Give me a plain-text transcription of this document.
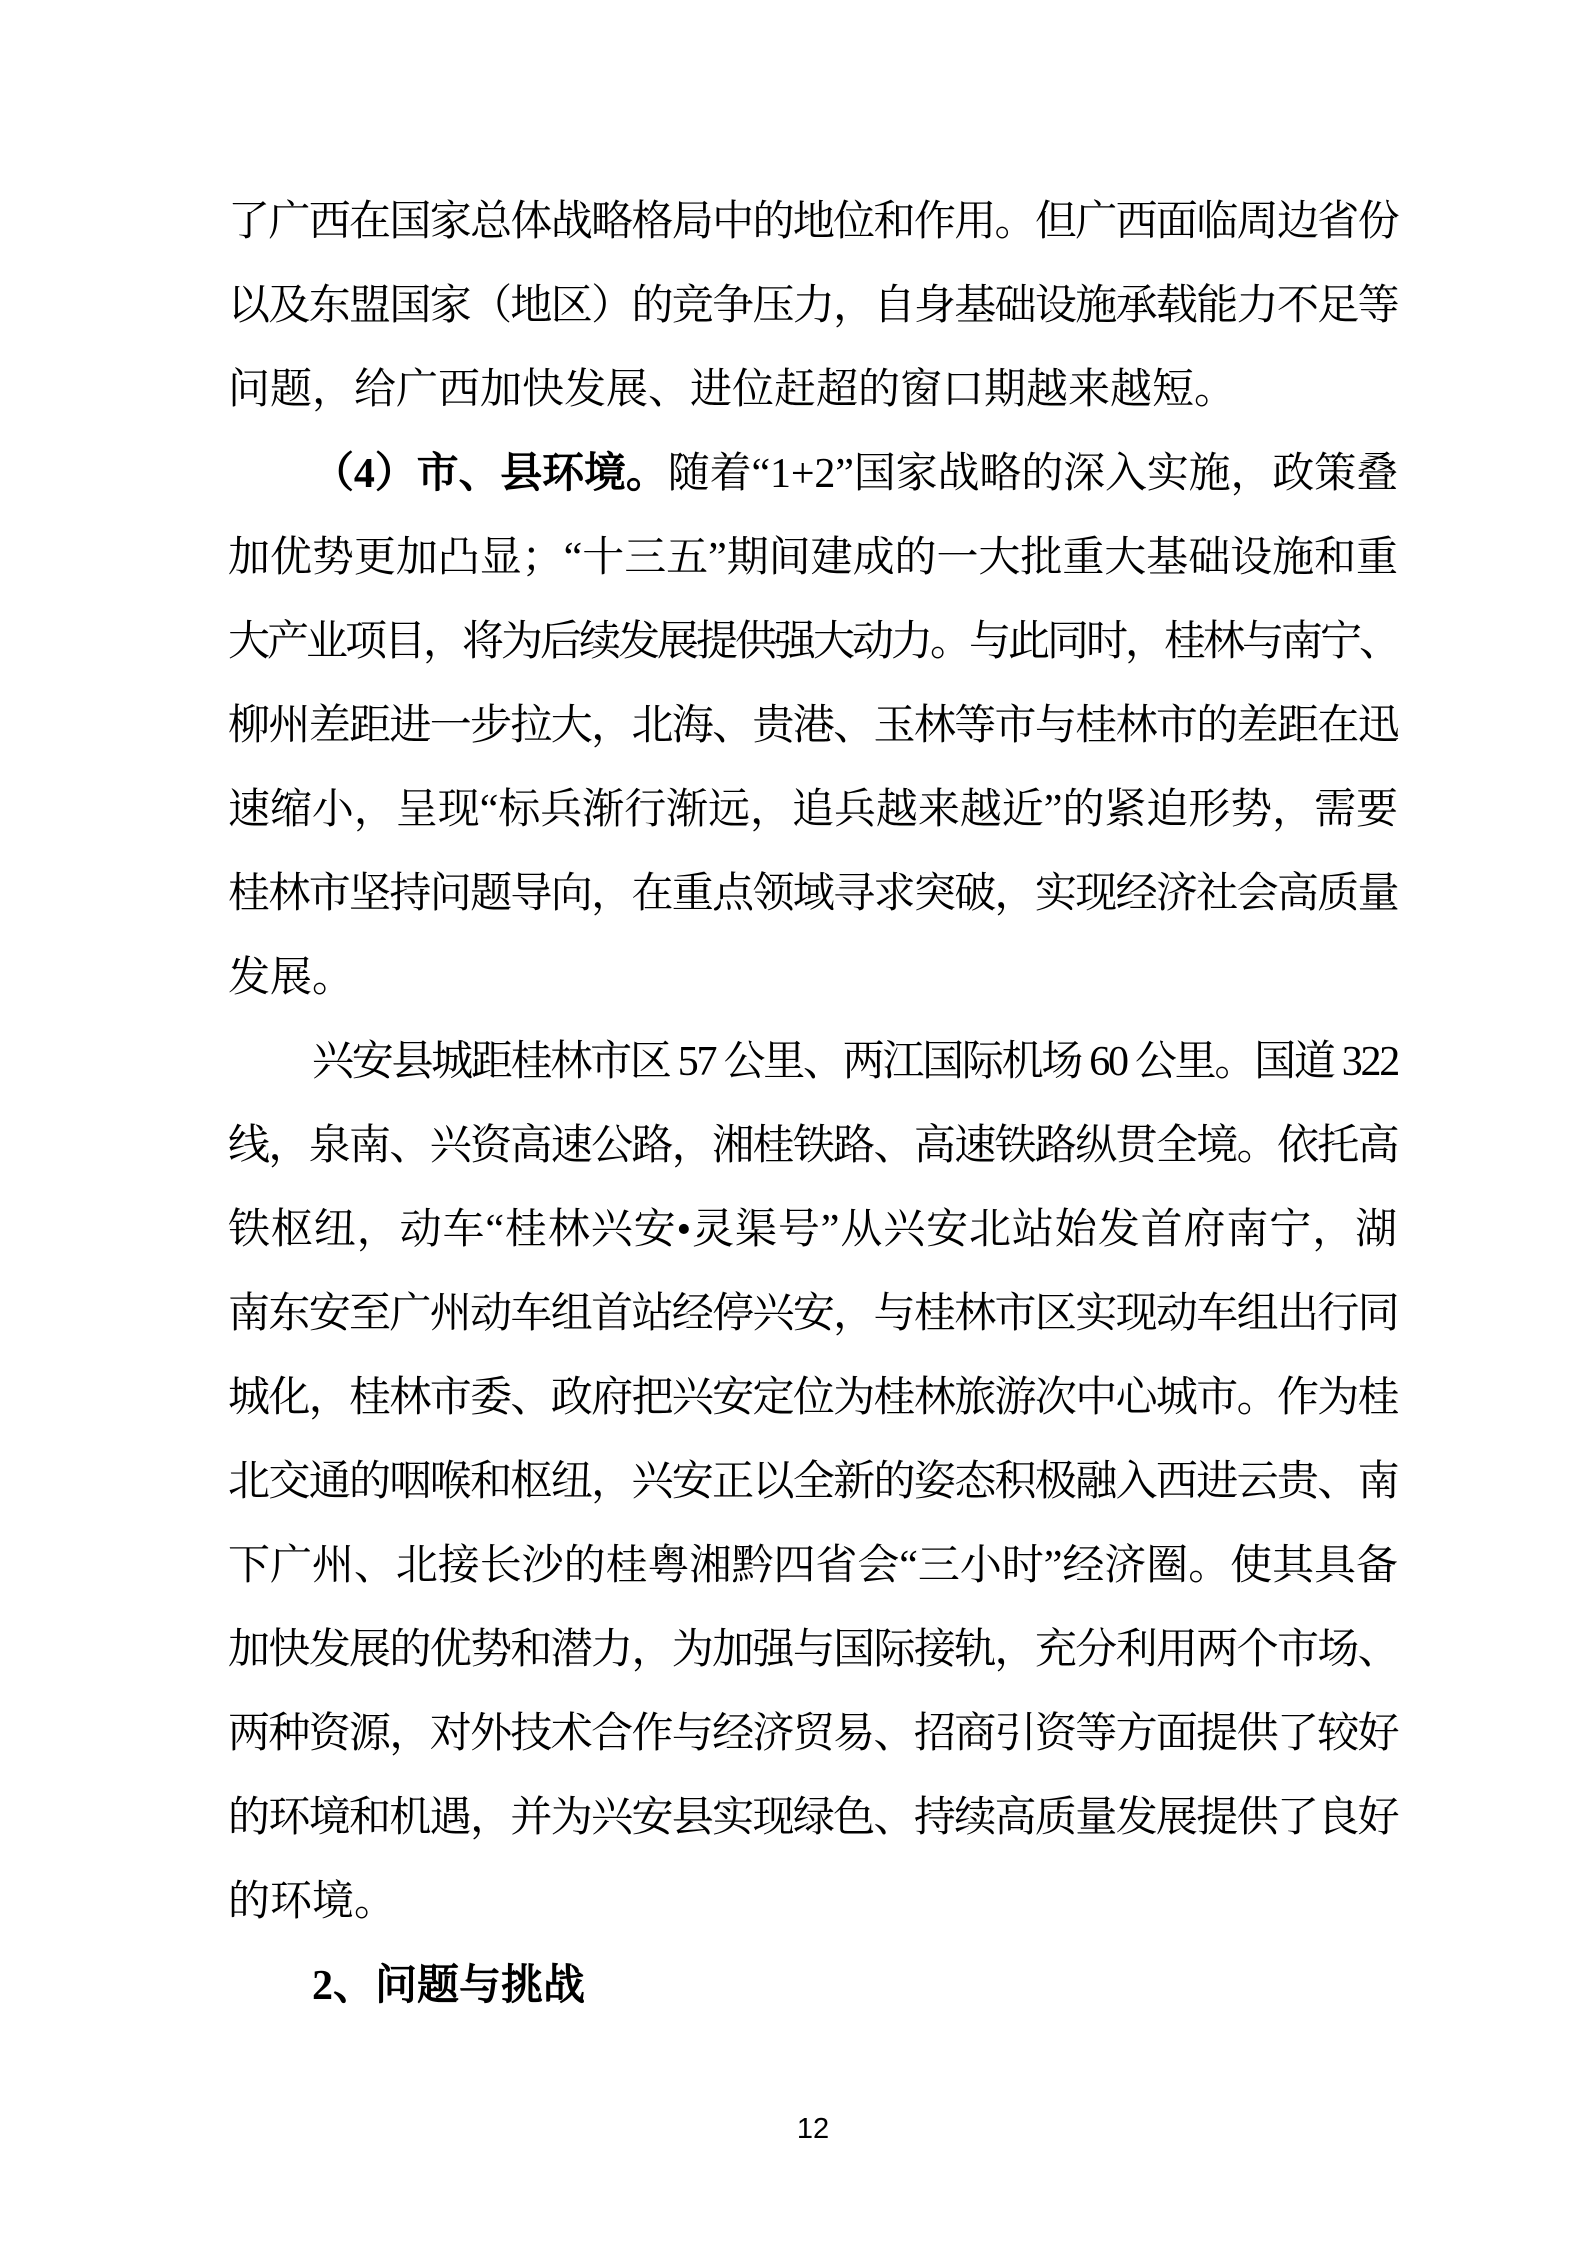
了广西在国家总体战略格局中的地位和作用。但广西面临周边省份
以及东盟国家（地区）的竞争压力，自身基础设施承载能力不足等
问题，给广西加快发展、进位赶超的窗口期越来越短。
（4）市、县环境。随着“1+2”国家战略的深入实施，政策叠
加优势更加凸显；“十三五”期间建成的一大批重大基础设施和重
大产业项目，将为后续发展提供强大动力。与此同时，桂林与南宁、
柳州差距进一步拉大，北海、贵港、玉林等市与桂林市的差距在迅
速缩小，呈现“标兵渐行渐远，追兵越来越近”的紧迫形势，需要
桂林市坚持问题导向，在重点领域寻求突破，实现经济社会高质量
发展。
兴安县城距桂林市区 57 公里、两江国际机场 60 公里。国道 322
线，泉南、兴资高速公路，湘桂铁路、高速铁路纵贯全境。依托高
铁枢纽，动车“桂林兴安•灵渠号”从兴安北站始发首府南宁，湖
南东安至广州动车组首站经停兴安，与桂林市区实现动车组出行同
城化，桂林市委、政府把兴安定位为桂林旅游次中心城市。作为桂
北交通的咽喉和枢纽，兴安正以全新的姿态积极融入西进云贵、南
下广州、北接长沙的桂粤湘黔四省会“三小时”经济圈。使其具备
加快发展的优势和潜力，为加强与国际接轨，充分利用两个市场、
两种资源，对外技术合作与经济贸易、招商引资等方面提供了较好
的环境和机遇，并为兴安县实现绿色、持续高质量发展提供了良好
的环境。
2、问题与挑战
12
